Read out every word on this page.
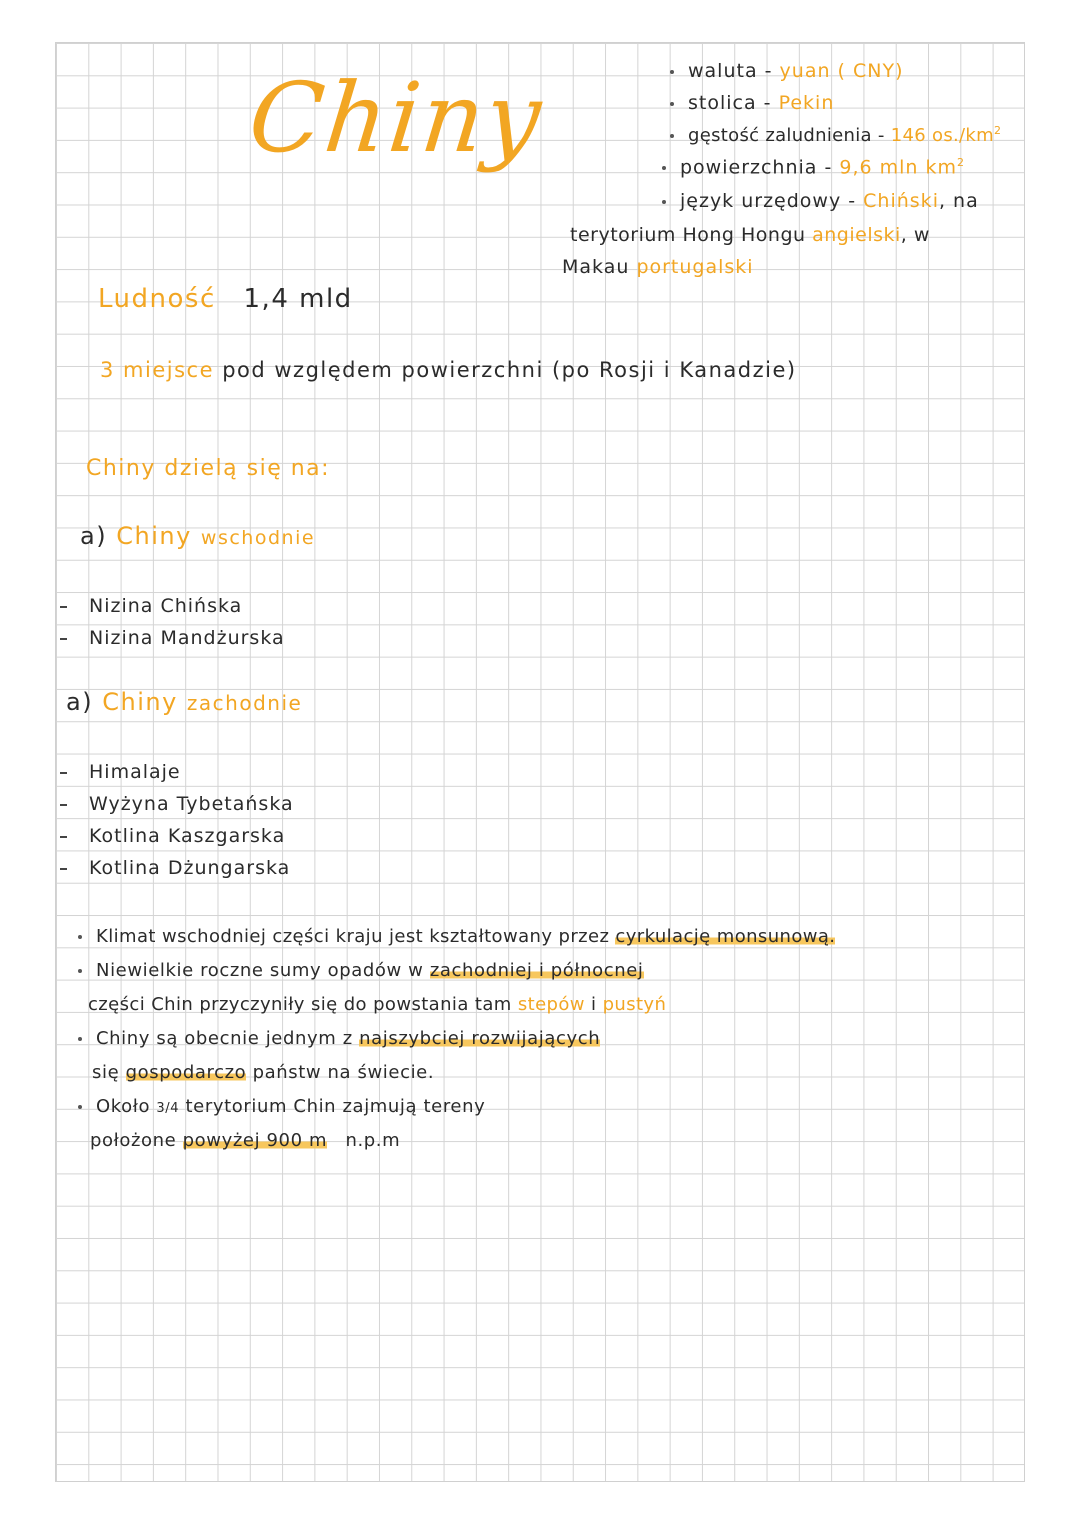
Chiny	waluta - yuan ( CNY)
stolica - Pekin
gęstość zaludnienia - 146 $os./km^2$
powierzchnia - 9,6 mln $km^2$
język urzędowy - Chiński, na
terytorium Hong Hongu angielski, w
Makau portugalski
Ludność 1,4 mld
3 miejsce pod względem powierzchni (po Rosji i Kanadzie)
Chiny dzielą się na:
a) Chiny wschodnie
Nizina Chińska
Nizina Mandżurska
a) Chiny zachodnie
Himalaje
Wyżyna Tybetańska
Kotlina Kaszgarska
Kotlina Dżungarska
Klimat wschodniej części kraju jest kształtowany przez cyrkulację monsunową.
Niewielkie roczne sumy opadów w zachodniej i północnej
części Chin przyczyniły się do powstania tam stepów i pustyń
Chiny są obecnie jednym z najszybciej rozwijających
się gospodarczo państw na świecie.
Około 3/4 terytorium Chin zajmują tereny
położone powyżej 900 m n.p.m
